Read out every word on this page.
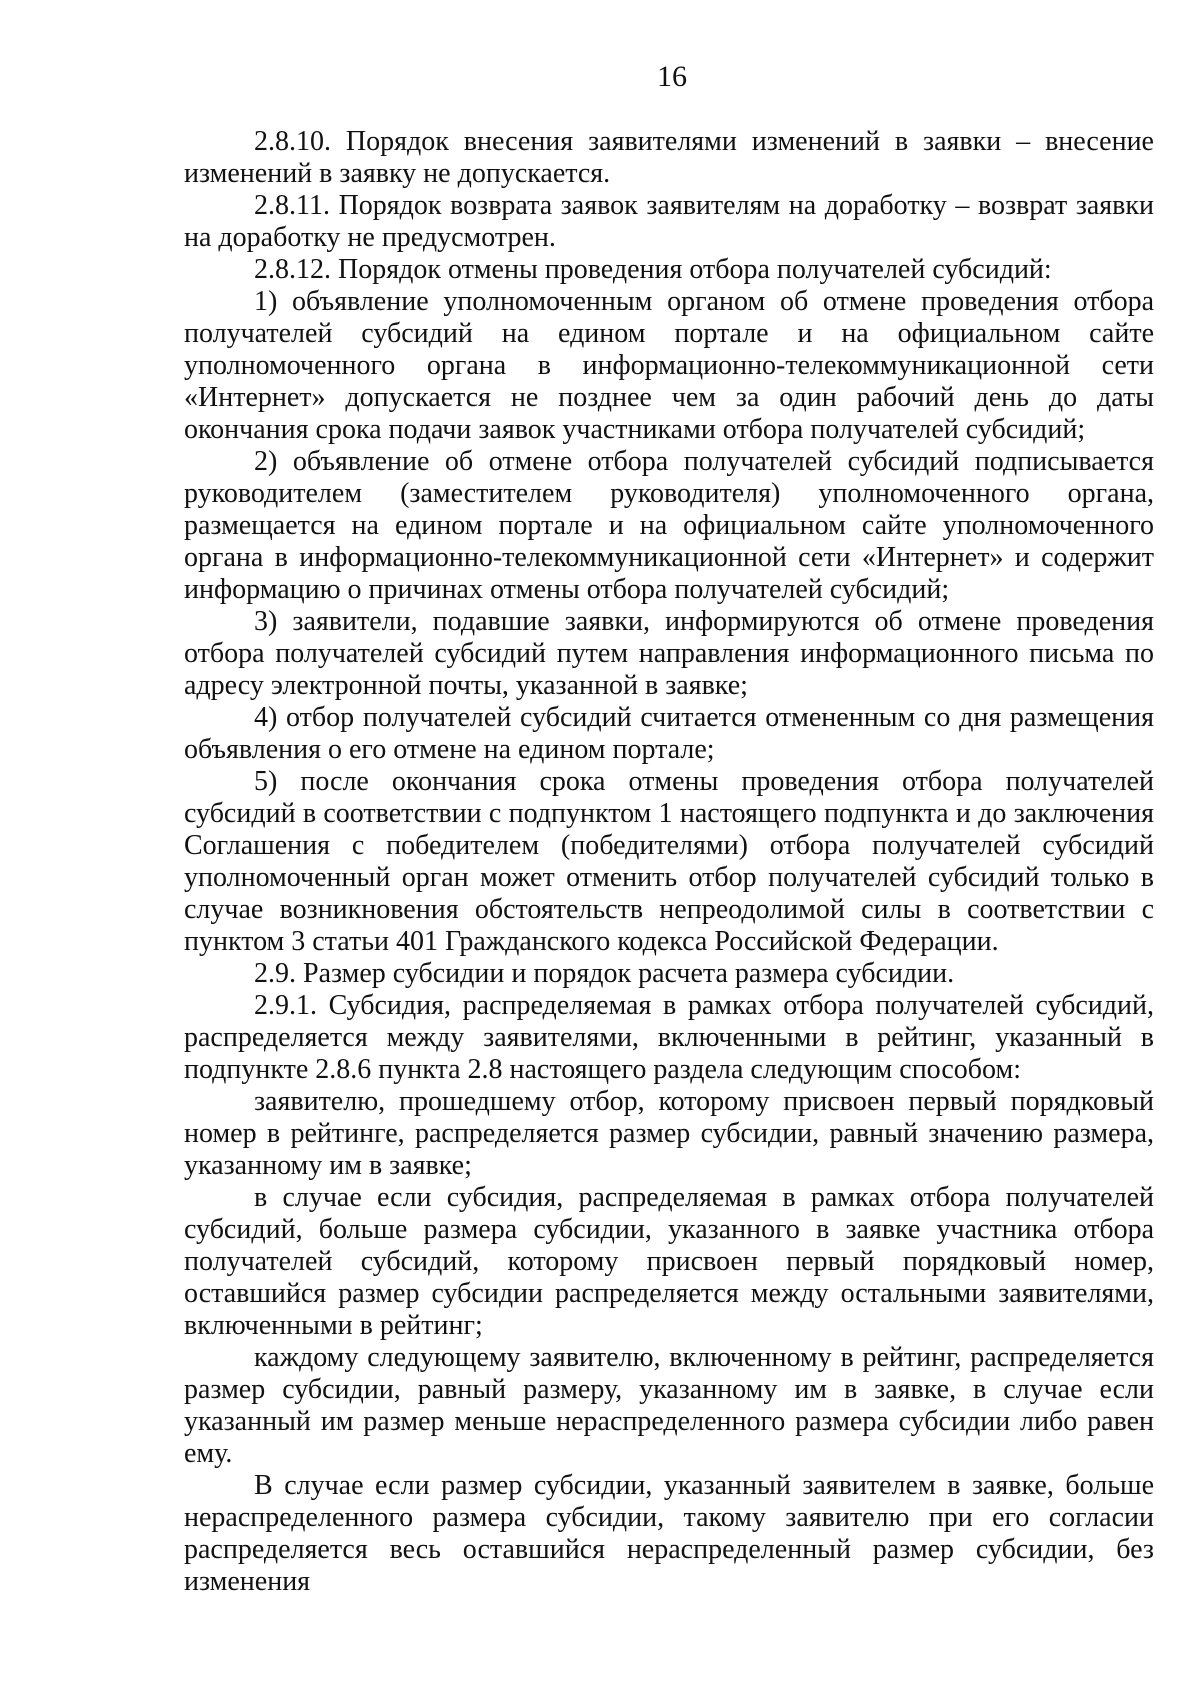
16

2.8.10. Порядок внесения заявителями изменений в заявки – внесение изменений в заявку не допускается.

2.8.11. Порядок возврата заявок заявителям на доработку – возврат заявки на доработку не предусмотрен.

2.8.12. Порядок отмены проведения отбора получателей субсидий:

1) объявление уполномоченным органом об отмене проведения отбора получателей субсидий на едином портале и на официальном сайте уполномоченного органа в информационно-телекоммуникационной сети «Интернет» допускается не позднее чем за один рабочий день до даты окончания срока подачи заявок участниками отбора получателей субсидий;

2) объявление об отмене отбора получателей субсидий подписывается руководителем (заместителем руководителя) уполномоченного органа, размещается на едином портале и на официальном сайте уполномоченного органа в информационно-телекоммуникационной сети «Интернет» и содержит информацию о причинах отмены отбора получателей субсидий;

3) заявители, подавшие заявки, информируются об отмене проведения отбора получателей субсидий путем направления информационного письма по адресу электронной почты, указанной в заявке;

4) отбор получателей субсидий считается отмененным со дня размещения объявления о его отмене на едином портале;

5) после окончания срока отмены проведения отбора получателей субсидий в соответствии с подпунктом 1 настоящего подпункта и до заключения Соглашения с победителем (победителями) отбора получателей субсидий уполномоченный орган может отменить отбор получателей субсидий только в случае возникновения обстоятельств непреодолимой силы в соответствии с пунктом 3 статьи 401 Гражданского кодекса Российской Федерации.

2.9. Размер субсидии и порядок расчета размера субсидии.

2.9.1. Субсидия, распределяемая в рамках отбора получателей субсидий, распределяется между заявителями, включенными в рейтинг, указанный в подпункте 2.8.6 пункта 2.8 настоящего раздела следующим способом:

заявителю, прошедшему отбор, которому присвоен первый порядковый номер в рейтинге, распределяется размер субсидии, равный значению размера, указанному им в заявке;

в случае если субсидия, распределяемая в рамках отбора получателей субсидий, больше размера субсидии, указанного в заявке участника отбора получателей субсидий, которому присвоен первый порядковый номер, оставшийся размер субсидии распределяется между остальными заявителями, включенными в рейтинг;

каждому следующему заявителю, включенному в рейтинг, распределяется размер субсидии, равный размеру, указанному им в заявке, в случае если указанный им размер меньше нераспределенного размера субсидии либо равен ему.

В случае если размер субсидии, указанный заявителем в заявке, больше нераспределенного размера субсидии, такому заявителю при его согласии распределяется весь оставшийся нераспределенный размер субсидии, без изменения
